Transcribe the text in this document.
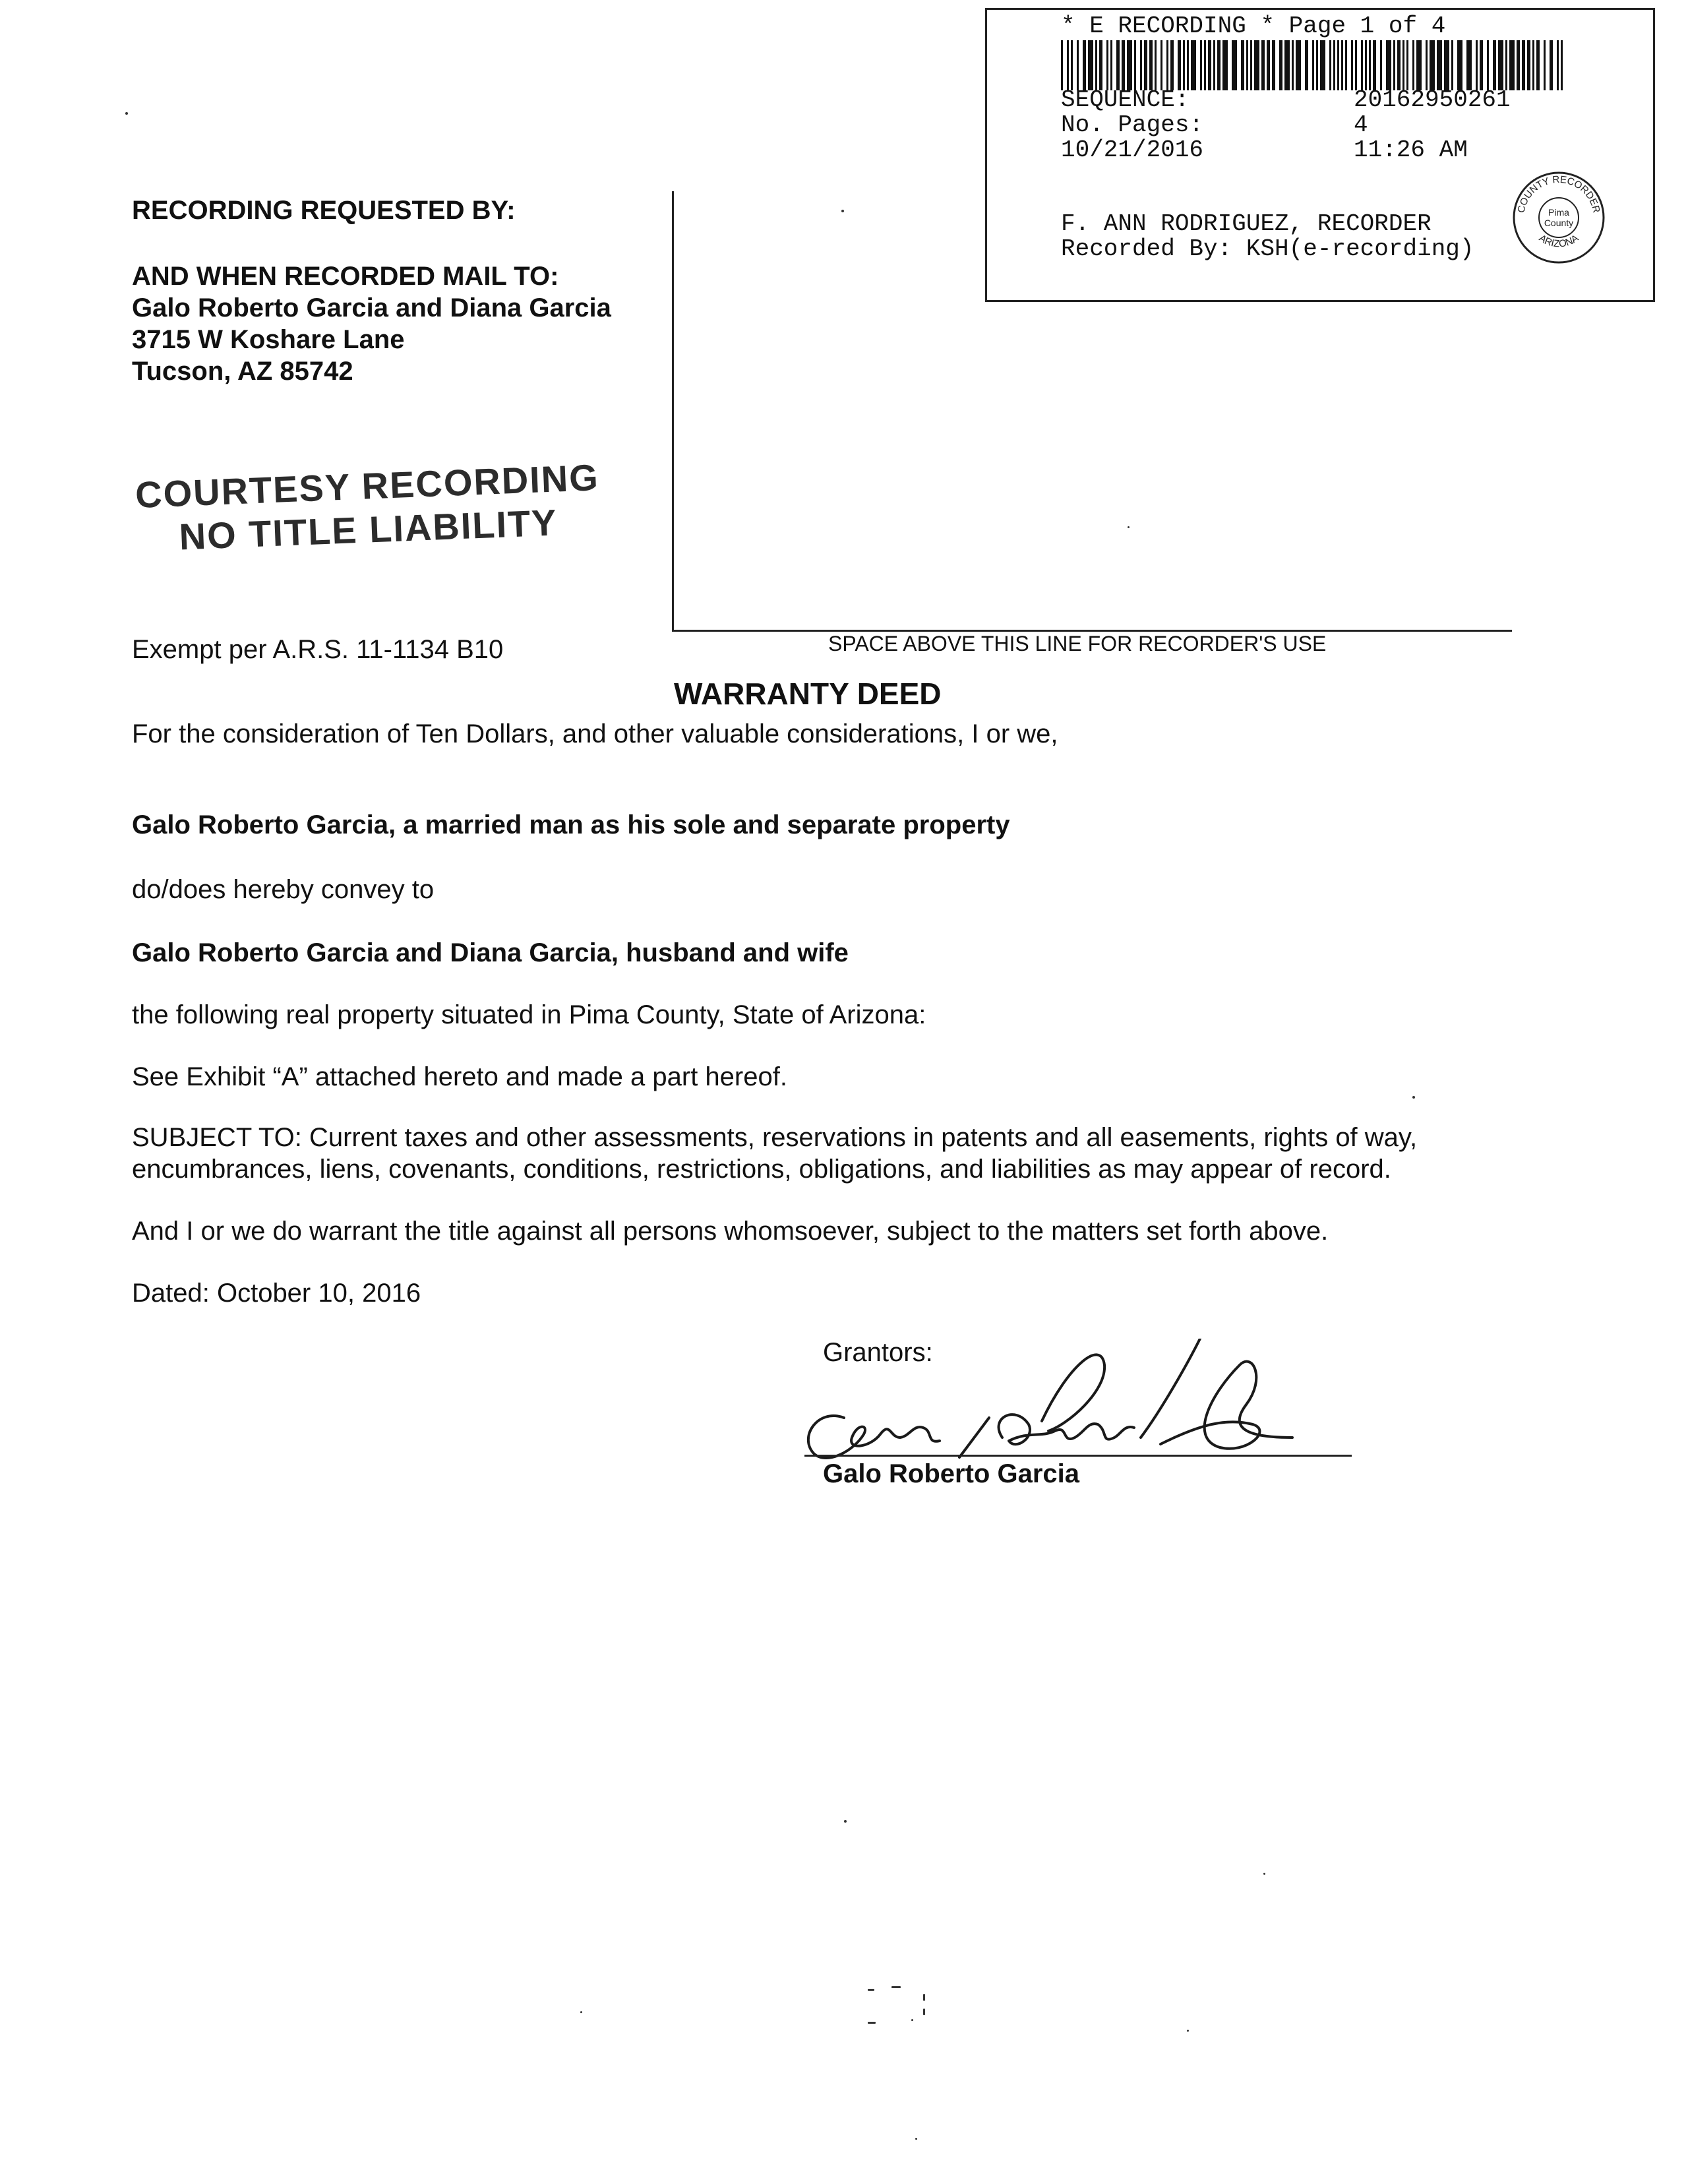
* E RECORDING * Page 1 of 4
SEQUENCE:	20162950261
No. Pages:	4
10/21/2016	11:26 AM
F. ANN RODRIGUEZ, RECORDER
Recorded By: KSH(e-recording)
COUNTY RECORDER
ARIZONA
Pima
County
RECORDING REQUESTED BY:
AND WHEN RECORDED MAIL TO:
Galo Roberto Garcia and Diana Garcia
3715 W Koshare Lane
Tucson, AZ 85742
COURTESY RECORDING
NO TITLE LIABILITY
Exempt per A.R.S. 11-1134 B10	SPACE ABOVE THIS LINE FOR RECORDER'S USE
WARRANTY DEED
For the consideration of Ten Dollars, and other valuable considerations, I or we,
Galo Roberto Garcia, a married man as his sole and separate property
do/does hereby convey to
Galo Roberto Garcia and Diana Garcia, husband and wife
the following real property situated in Pima County, State of Arizona:
See Exhibit “A” attached hereto and made a part hereof.
SUBJECT TO: Current taxes and other assessments, reservations in patents and all easements, rights of way,
encumbrances, liens, covenants, conditions, restrictions, obligations, and liabilities as may appear of record.
And I or we do warrant the title against all persons whomsoever, subject to the matters set forth above.
Dated: October 10, 2016
Grantors:
Galo Roberto Garcia
